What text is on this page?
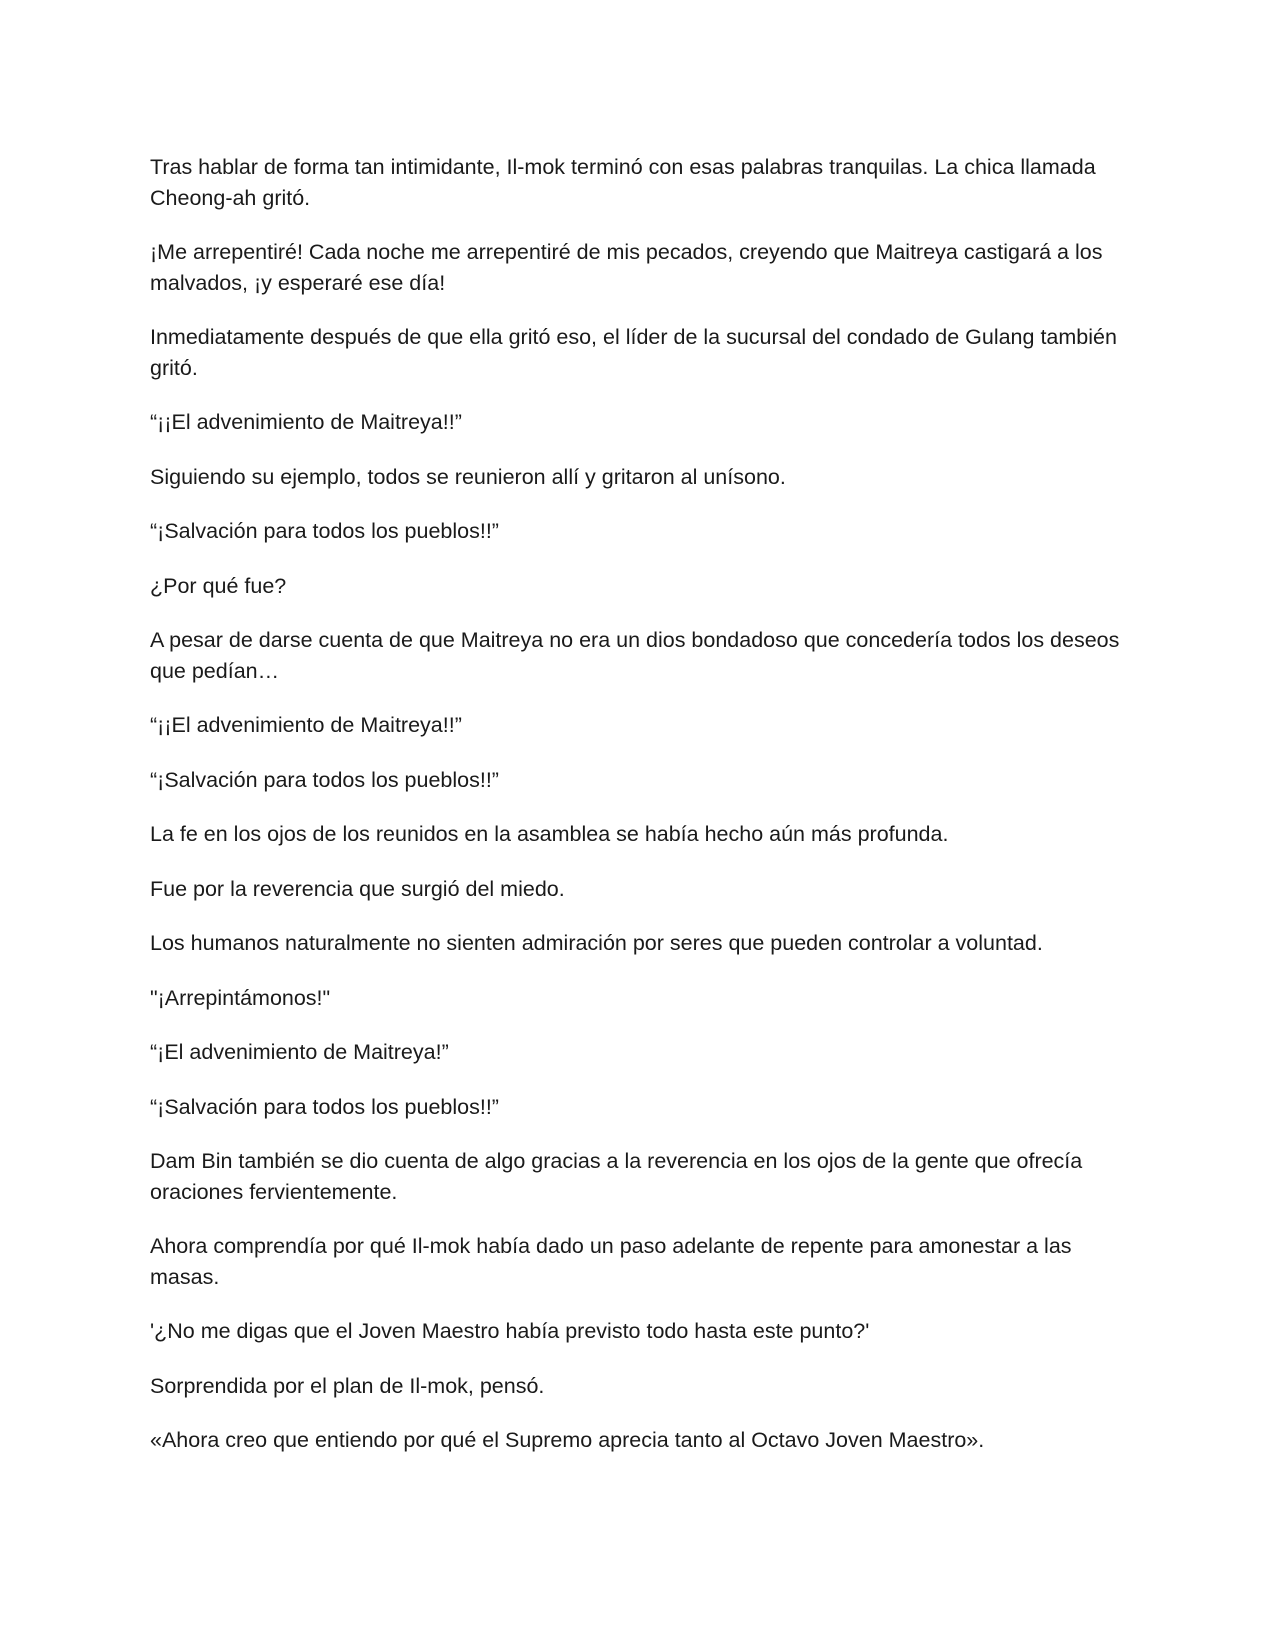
Tras hablar de forma tan intimidante, Il-mok terminó con esas palabras tranquilas. La chica llamada Cheong-ah gritó.

¡Me arrepentiré! Cada noche me arrepentiré de mis pecados, creyendo que Maitreya castigará a los malvados, ¡y esperaré ese día!

Inmediatamente después de que ella gritó eso, el líder de la sucursal del condado de Gulang también gritó.

“¡¡El advenimiento de Maitreya!!”

Siguiendo su ejemplo, todos se reunieron allí y gritaron al unísono.

“¡Salvación para todos los pueblos!!”

¿Por qué fue?

A pesar de darse cuenta de que Maitreya no era un dios bondadoso que concedería todos los deseos que pedían…

“¡¡El advenimiento de Maitreya!!”

“¡Salvación para todos los pueblos!!”

La fe en los ojos de los reunidos en la asamblea se había hecho aún más profunda.

Fue por la reverencia que surgió del miedo.

Los humanos naturalmente no sienten admiración por seres que pueden controlar a voluntad.

"¡Arrepintámonos!"

“¡El advenimiento de Maitreya!”

“¡Salvación para todos los pueblos!!”

Dam Bin también se dio cuenta de algo gracias a la reverencia en los ojos de la gente que ofrecía oraciones fervientemente.

Ahora comprendía por qué Il-mok había dado un paso adelante de repente para amonestar a las masas.

'¿No me digas que el Joven Maestro había previsto todo hasta este punto?'

Sorprendida por el plan de Il-mok, pensó.

«Ahora creo que entiendo por qué el Supremo aprecia tanto al Octavo Joven Maestro».
